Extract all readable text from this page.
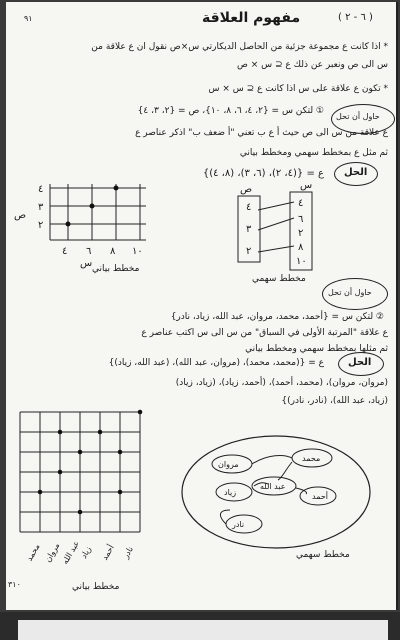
مفهوم العلاقة	( ٦ - ٢ )
٩١
* اذا كانت ع مجموعة جزئية من الحاصل الديكارتي س×ص نقول ان ع علاقة من
س الى ص ونعبر عن ذلك ع ⊆ س × ص
* تكون ع علاقة على س اذا كانت ع ⊆ س × س
حاول أن تحل
① لتكن س = {٢، ٤، ٦، ٨، ١٠}، ص = {٢، ٣، ٤}
ع علاقة من س الى ص حيث أ ع ب تعني "أ ضعف ب" اذكر عناصر ع
ثم مثل ع بمخطط سهمي ومخطط بياني
الحل
ع = {(٤، ٢)، (٦، ٣)، (٨، ٤)}
٤
٣
٢
ص
٤ ٦ ٨ ١٠
س مخطط بياني
ص	س
٤
٣
٢
٤
٦
٢
٨
١٠
مخطط سهمي
حاول أن تحل
② لتكن س = {أحمد، محمد، مروان، عبد الله، زياد، نادر}
ع علاقة "المرتبة الأولى في السباق" من س الى س اكتب عناصر ع
ثم مثلها بمخطط سهمي ومخطط بياني
الحل
ع = {(محمد، محمد)، (مروان، عبد الله)، (عبد الله، زياد)}
(مروان، مروان)، (محمد، أحمد)، (أحمد، زياد)، (زياد، زياد)
(زياد، عبد الله)، (نادر، نادر)}
محمد مروان عبد الله
زياد أحمد نادر
مخطط بياني
٣١٠
مروان
محمد
زياد
عبد الله
أحمد
نادر
مخطط سهمي
